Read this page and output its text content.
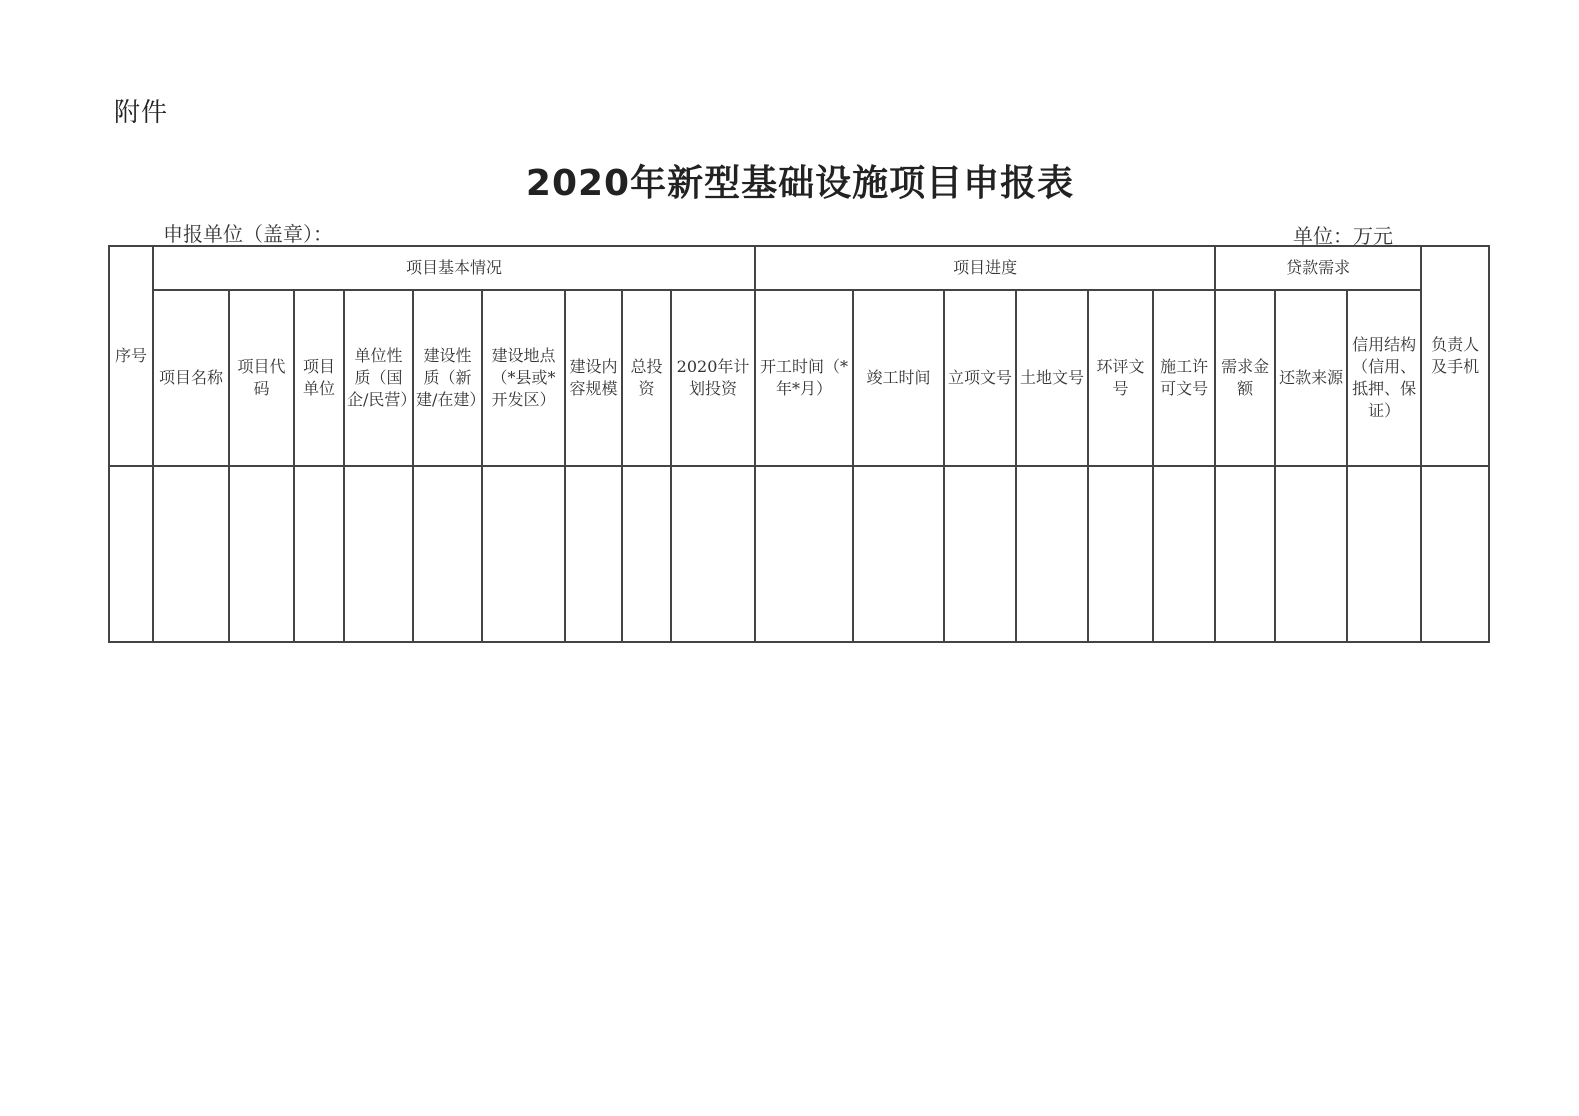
附件
2020年新型基础设施项目申报表
申报单位（盖章）：	单位：万元
序号	项目基本情况									项目进度						贷款需求			负责人及手机
	项目名称	项目代码	项目单位	单位性质（国企/民营）	建设性质（新建/在建）	建设地点（*县或*开发区）	建设内容规模	总投资	2020年计划投资	开工时间（*年*月）	竣工时间	立项文号	土地文号	环评文号	施工许可文号	需求金额	还款来源	信用结构（信用、抵押、保证）	
